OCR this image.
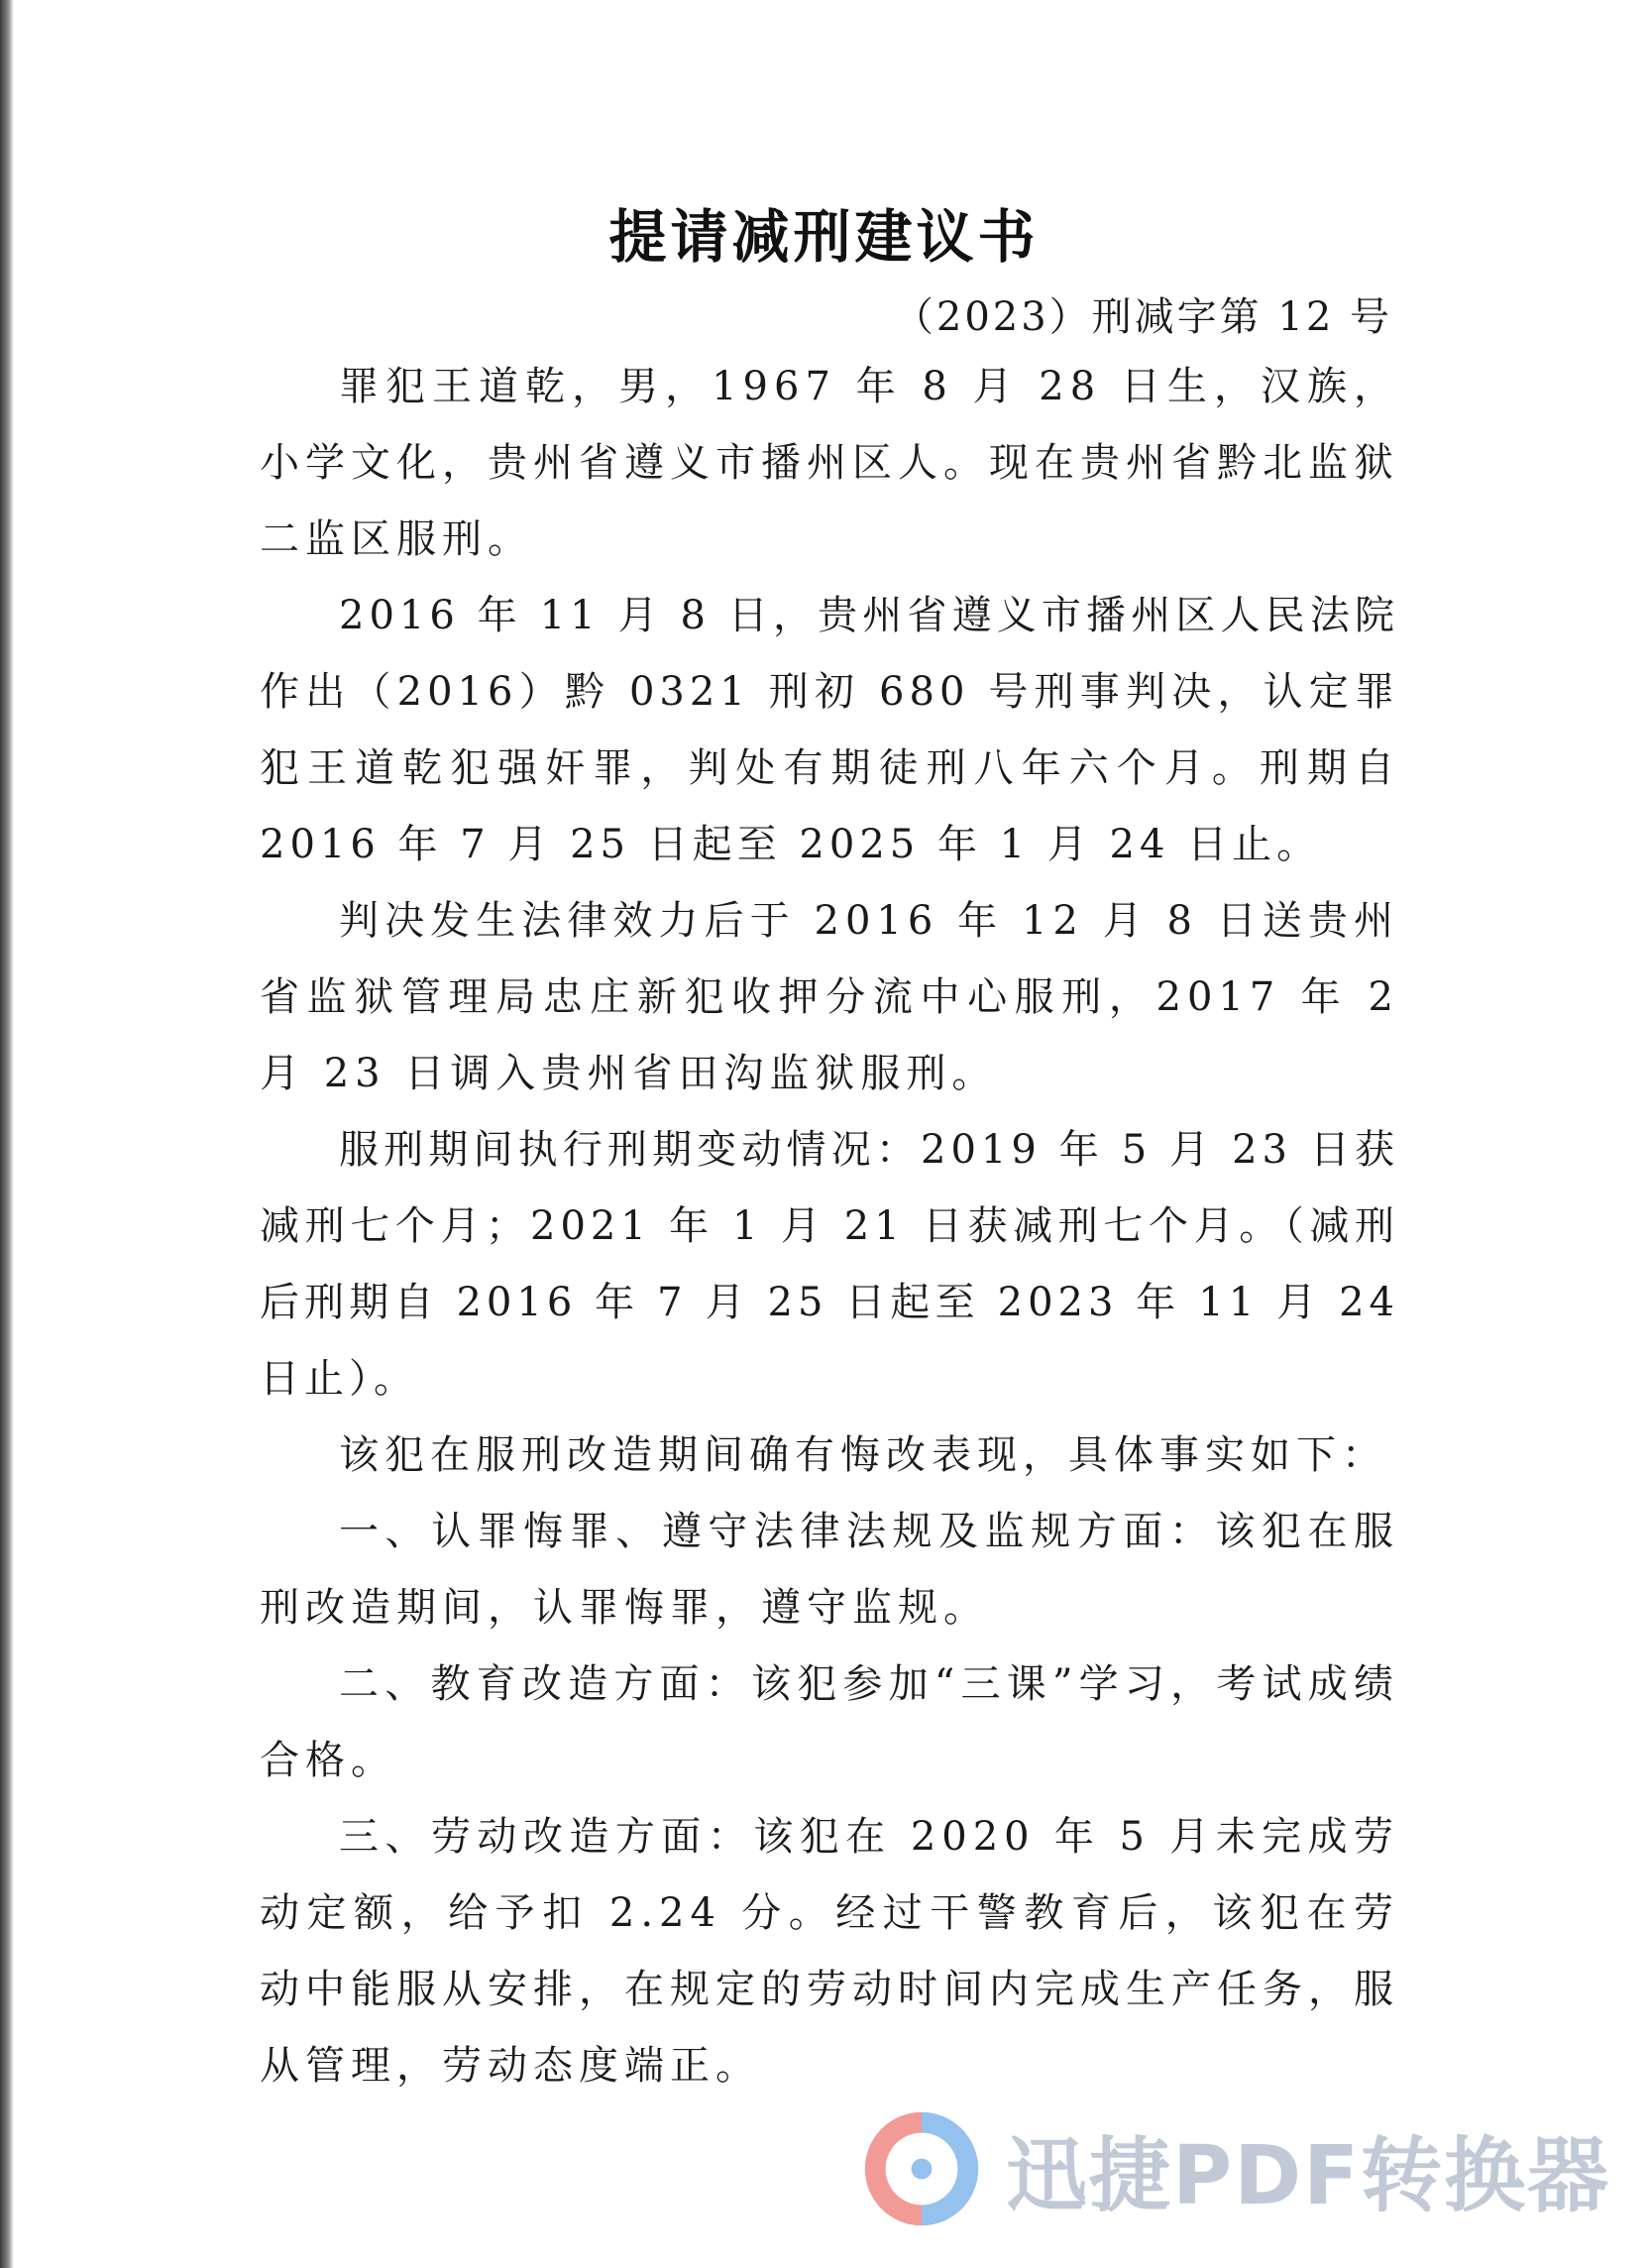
提请减刑建议书
（2023）刑减字第 12 号

罪犯王道乾，男，1967 年 8 月 28 日生，汉族，小学文化，贵州省遵义市播州区人。现在贵州省黔北监狱二监区服刑。

2016 年 11 月 8 日，贵州省遵义市播州区人民法院作出（2016）黔 0321 刑初 680 号刑事判决，认定罪犯王道乾犯强奸罪，判处有期徒刑八年六个月。刑期自 2016 年 7 月 25 日起至 2025 年 1 月 24 日止。

判决发生法律效力后于 2016 年 12 月 8 日送贵州省监狱管理局忠庄新犯收押分流中心服刑，2017 年 2 月 23 日调入贵州省田沟监狱服刑。

服刑期间执行刑期变动情况：2019 年 5 月 23 日获减刑七个月；2021 年 1 月 21 日获减刑七个月。（减刑后刑期自 2016 年 7 月 25 日起至 2023 年 11 月 24 日止）。

该犯在服刑改造期间确有悔改表现，具体事实如下：

一、认罪悔罪、遵守法律法规及监规方面：该犯在服刑改造期间，认罪悔罪，遵守监规。

二、教育改造方面：该犯参加“三课”学习，考试成绩合格。

三、劳动改造方面：该犯在 2020 年 5 月未完成劳动定额，给予扣 2.24 分。经过干警教育后，该犯在劳动中能服从安排，在规定的劳动时间内完成生产任务，服从管理，劳动态度端正。

迅捷PDF转换器
